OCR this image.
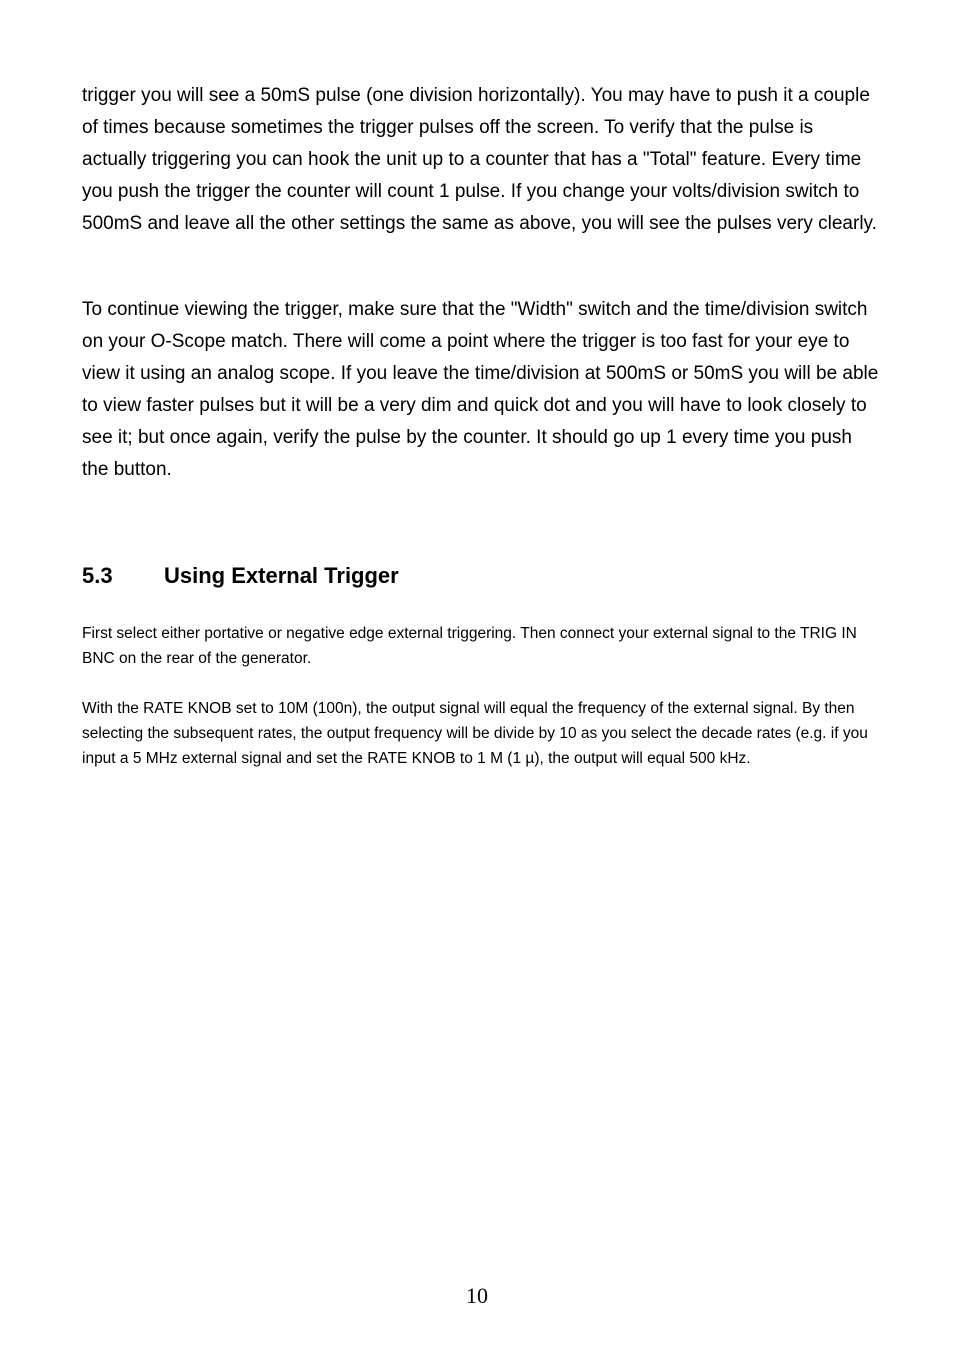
trigger you will see a 50mS pulse (one division horizontally). You may have to push it a couple of times because sometimes the trigger pulses off the screen. To verify that the pulse is actually triggering you can hook the unit up to a counter that has a "Total" feature. Every time you push the trigger the counter will count 1 pulse. If you change your volts/division switch to 500mS and leave all the other settings the same as above, you will see the pulses very clearly.

To continue viewing the trigger, make sure that the "Width" switch and the time/division switch on your O-Scope match. There will come a point where the trigger is too fast for your eye to view it using an analog scope. If you leave the time/division at 500mS or 50mS you will be able to view faster pulses but it will be a very dim and quick dot and you will have to look closely to see it; but once again, verify the pulse by the counter. It should go up 1 every time you push the button.

5.3	Using External Trigger

First select either portative or negative edge external triggering. Then connect your external signal to the TRIG IN BNC on the rear of the generator.

With the RATE KNOB set to 10M (100n), the output signal will equal the frequency of the external signal. By then selecting the subsequent rates, the output frequency will be divide by 10 as you select the decade rates (e.g. if you input a 5 MHz external signal and set the RATE KNOB to 1 M (1 µ), the output will equal 500 kHz.

10
